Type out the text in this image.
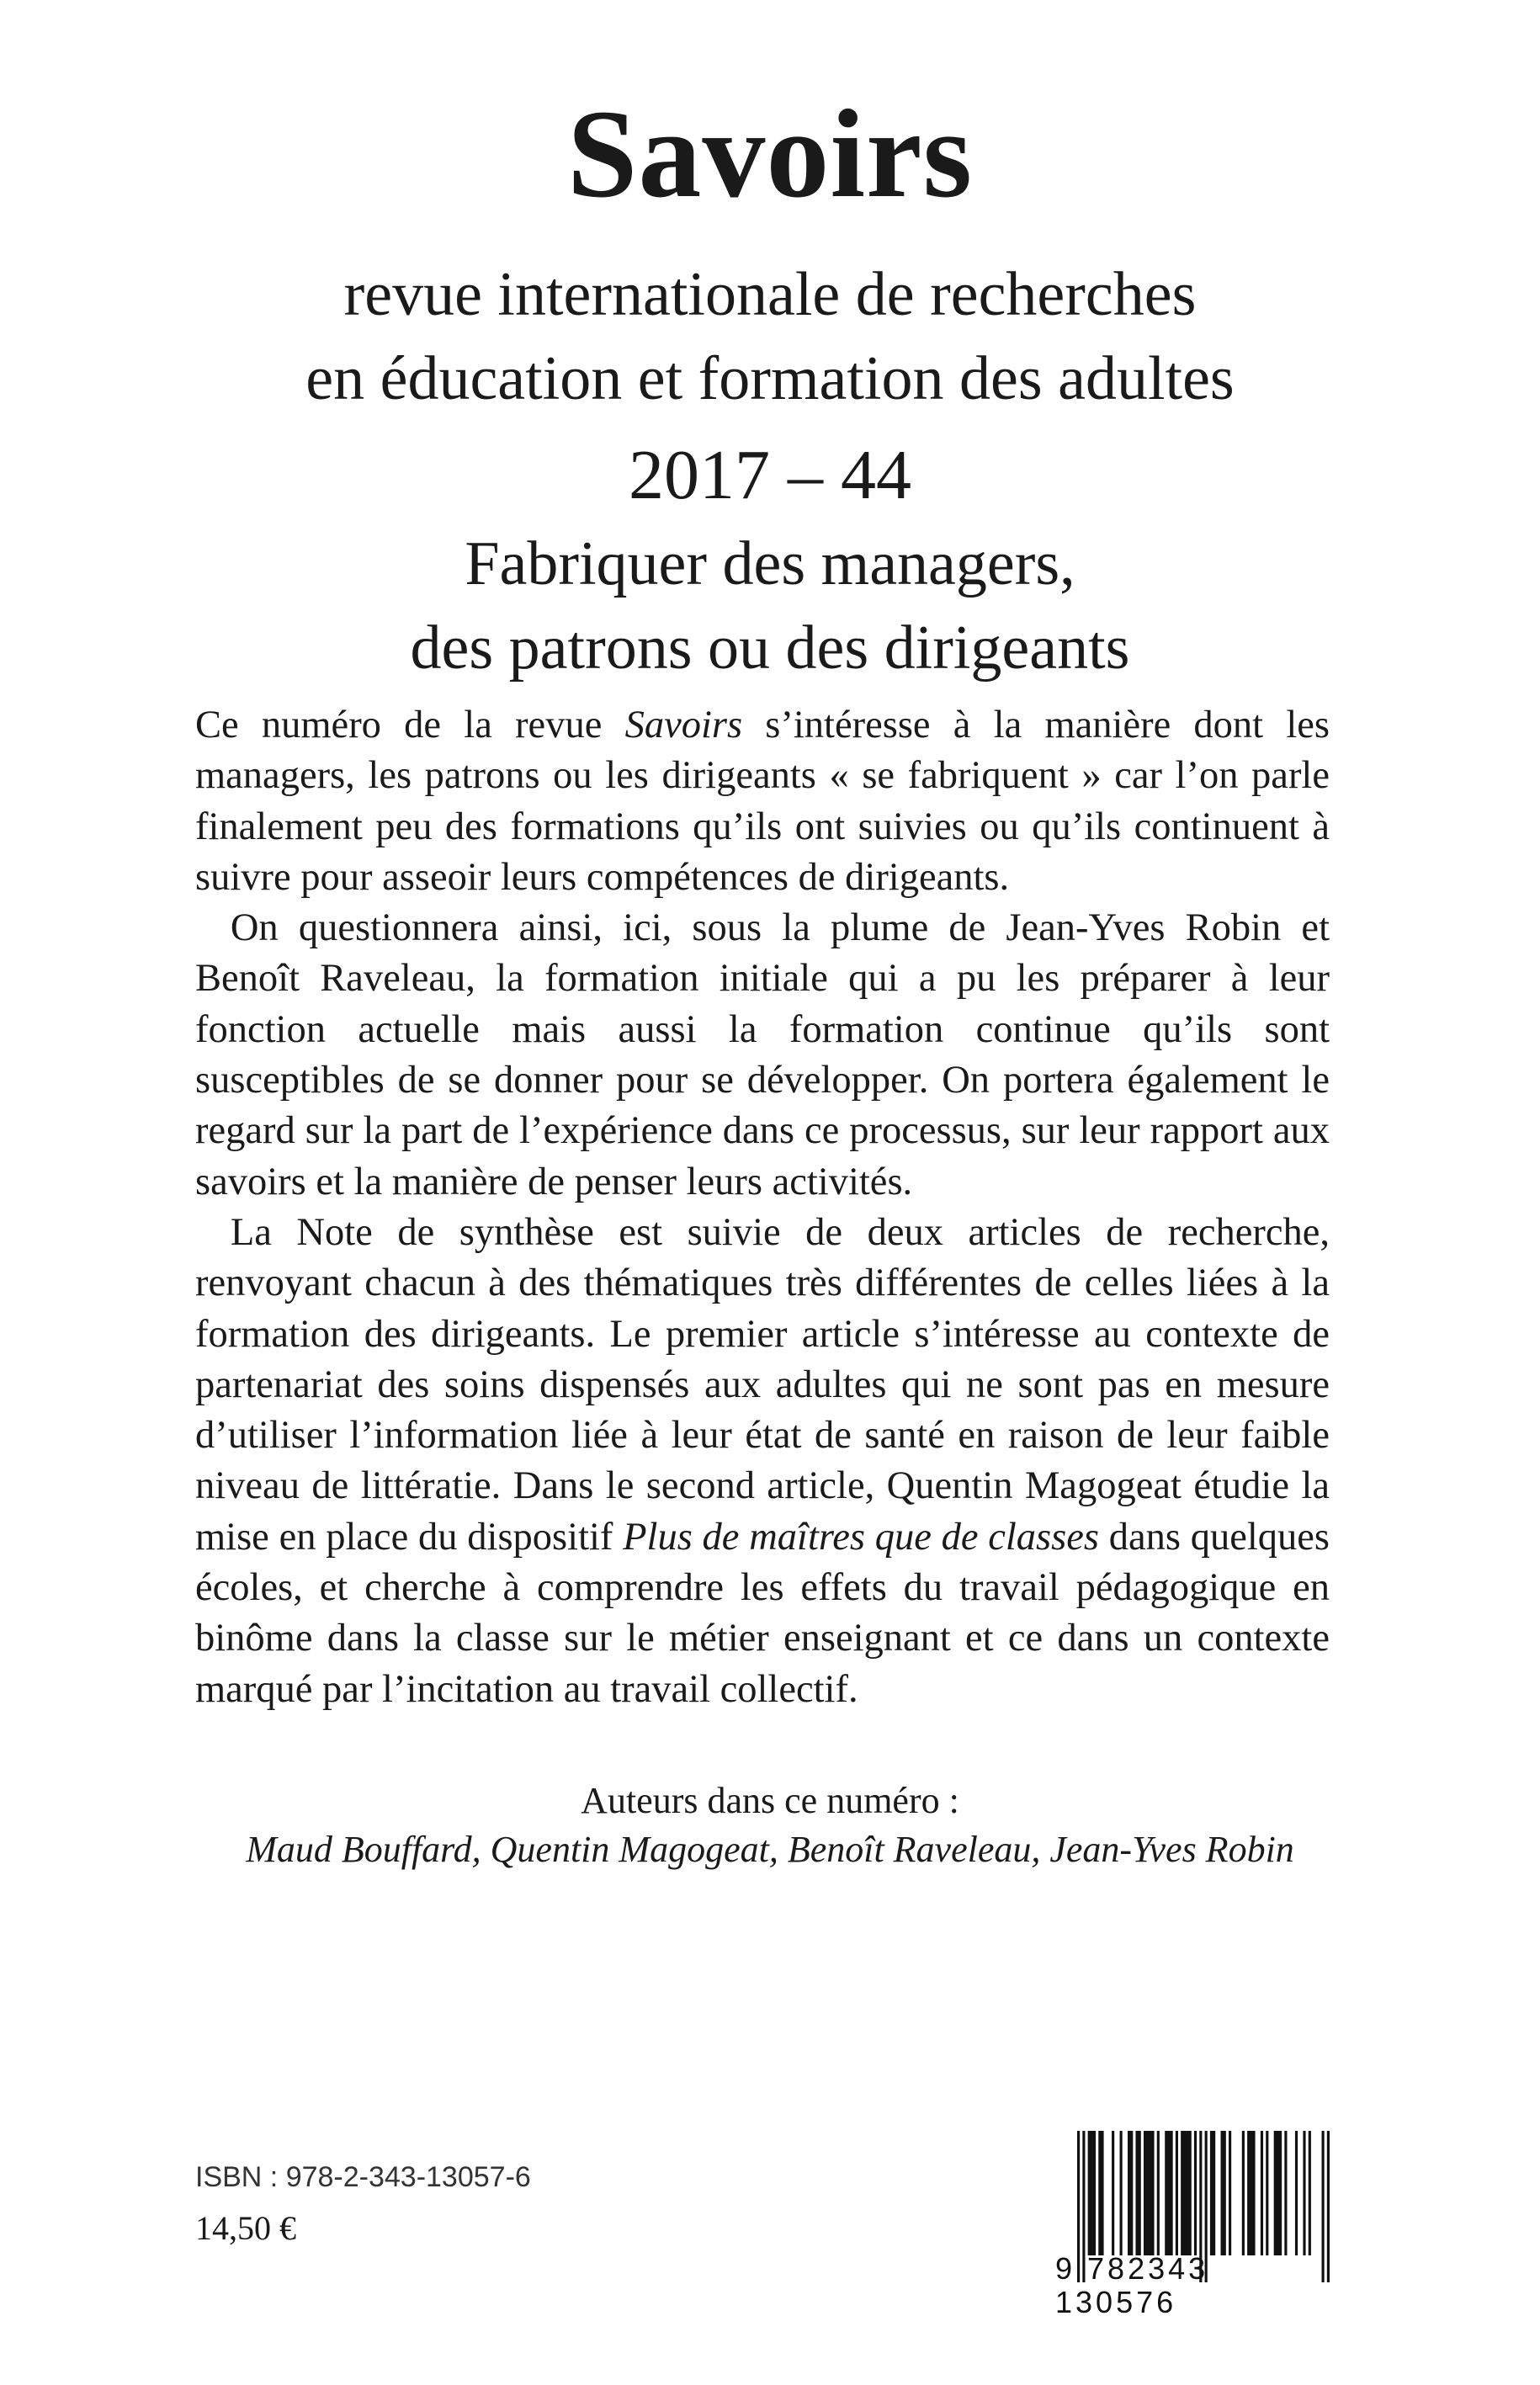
Savoirs
revue internationale de recherches
en éducation et formation des adultes
2017 – 44
Fabriquer des managers,
des patrons ou des dirigeants

Ce numéro de la revue Savoirs s’intéresse à la manière dont les managers, les patrons ou les dirigeants « se fabriquent » car l’on parle finalement peu des formations qu’ils ont suivies ou qu’ils continuent à suivre pour asseoir leurs compétences de dirigeants.

On questionnera ainsi, ici, sous la plume de Jean-Yves Robin et Benoît Raveleau, la formation initiale qui a pu les préparer à leur fonction actuelle mais aussi la formation continue qu’ils sont susceptibles de se donner pour se développer. On portera également le regard sur la part de l’expérience dans ce processus, sur leur rapport aux savoirs et la manière de penser leurs activités.

La Note de synthèse est suivie de deux articles de recherche, renvoyant chacun à des thématiques très différentes de celles liées à la formation des dirigeants. Le premier article s’intéresse au contexte de partenariat des soins dispensés aux adultes qui ne sont pas en mesure d’utiliser l’information liée à leur état de santé en raison de leur faible niveau de littératie. Dans le second article, Quentin Magogeat étudie la mise en place du dispositif Plus de maîtres que de classes dans quelques écoles, et cherche à comprendre les effets du travail pédagogique en binôme dans la classe sur le métier enseignant et ce dans un contexte marqué par l’incitation au travail collectif.

Auteurs dans ce numéro :
Maud Bouffard, Quentin Magogeat, Benoît Raveleau, Jean-Yves Robin
ISBN : 978-2-343-13057-6
14,50 €
9 782343 130576
